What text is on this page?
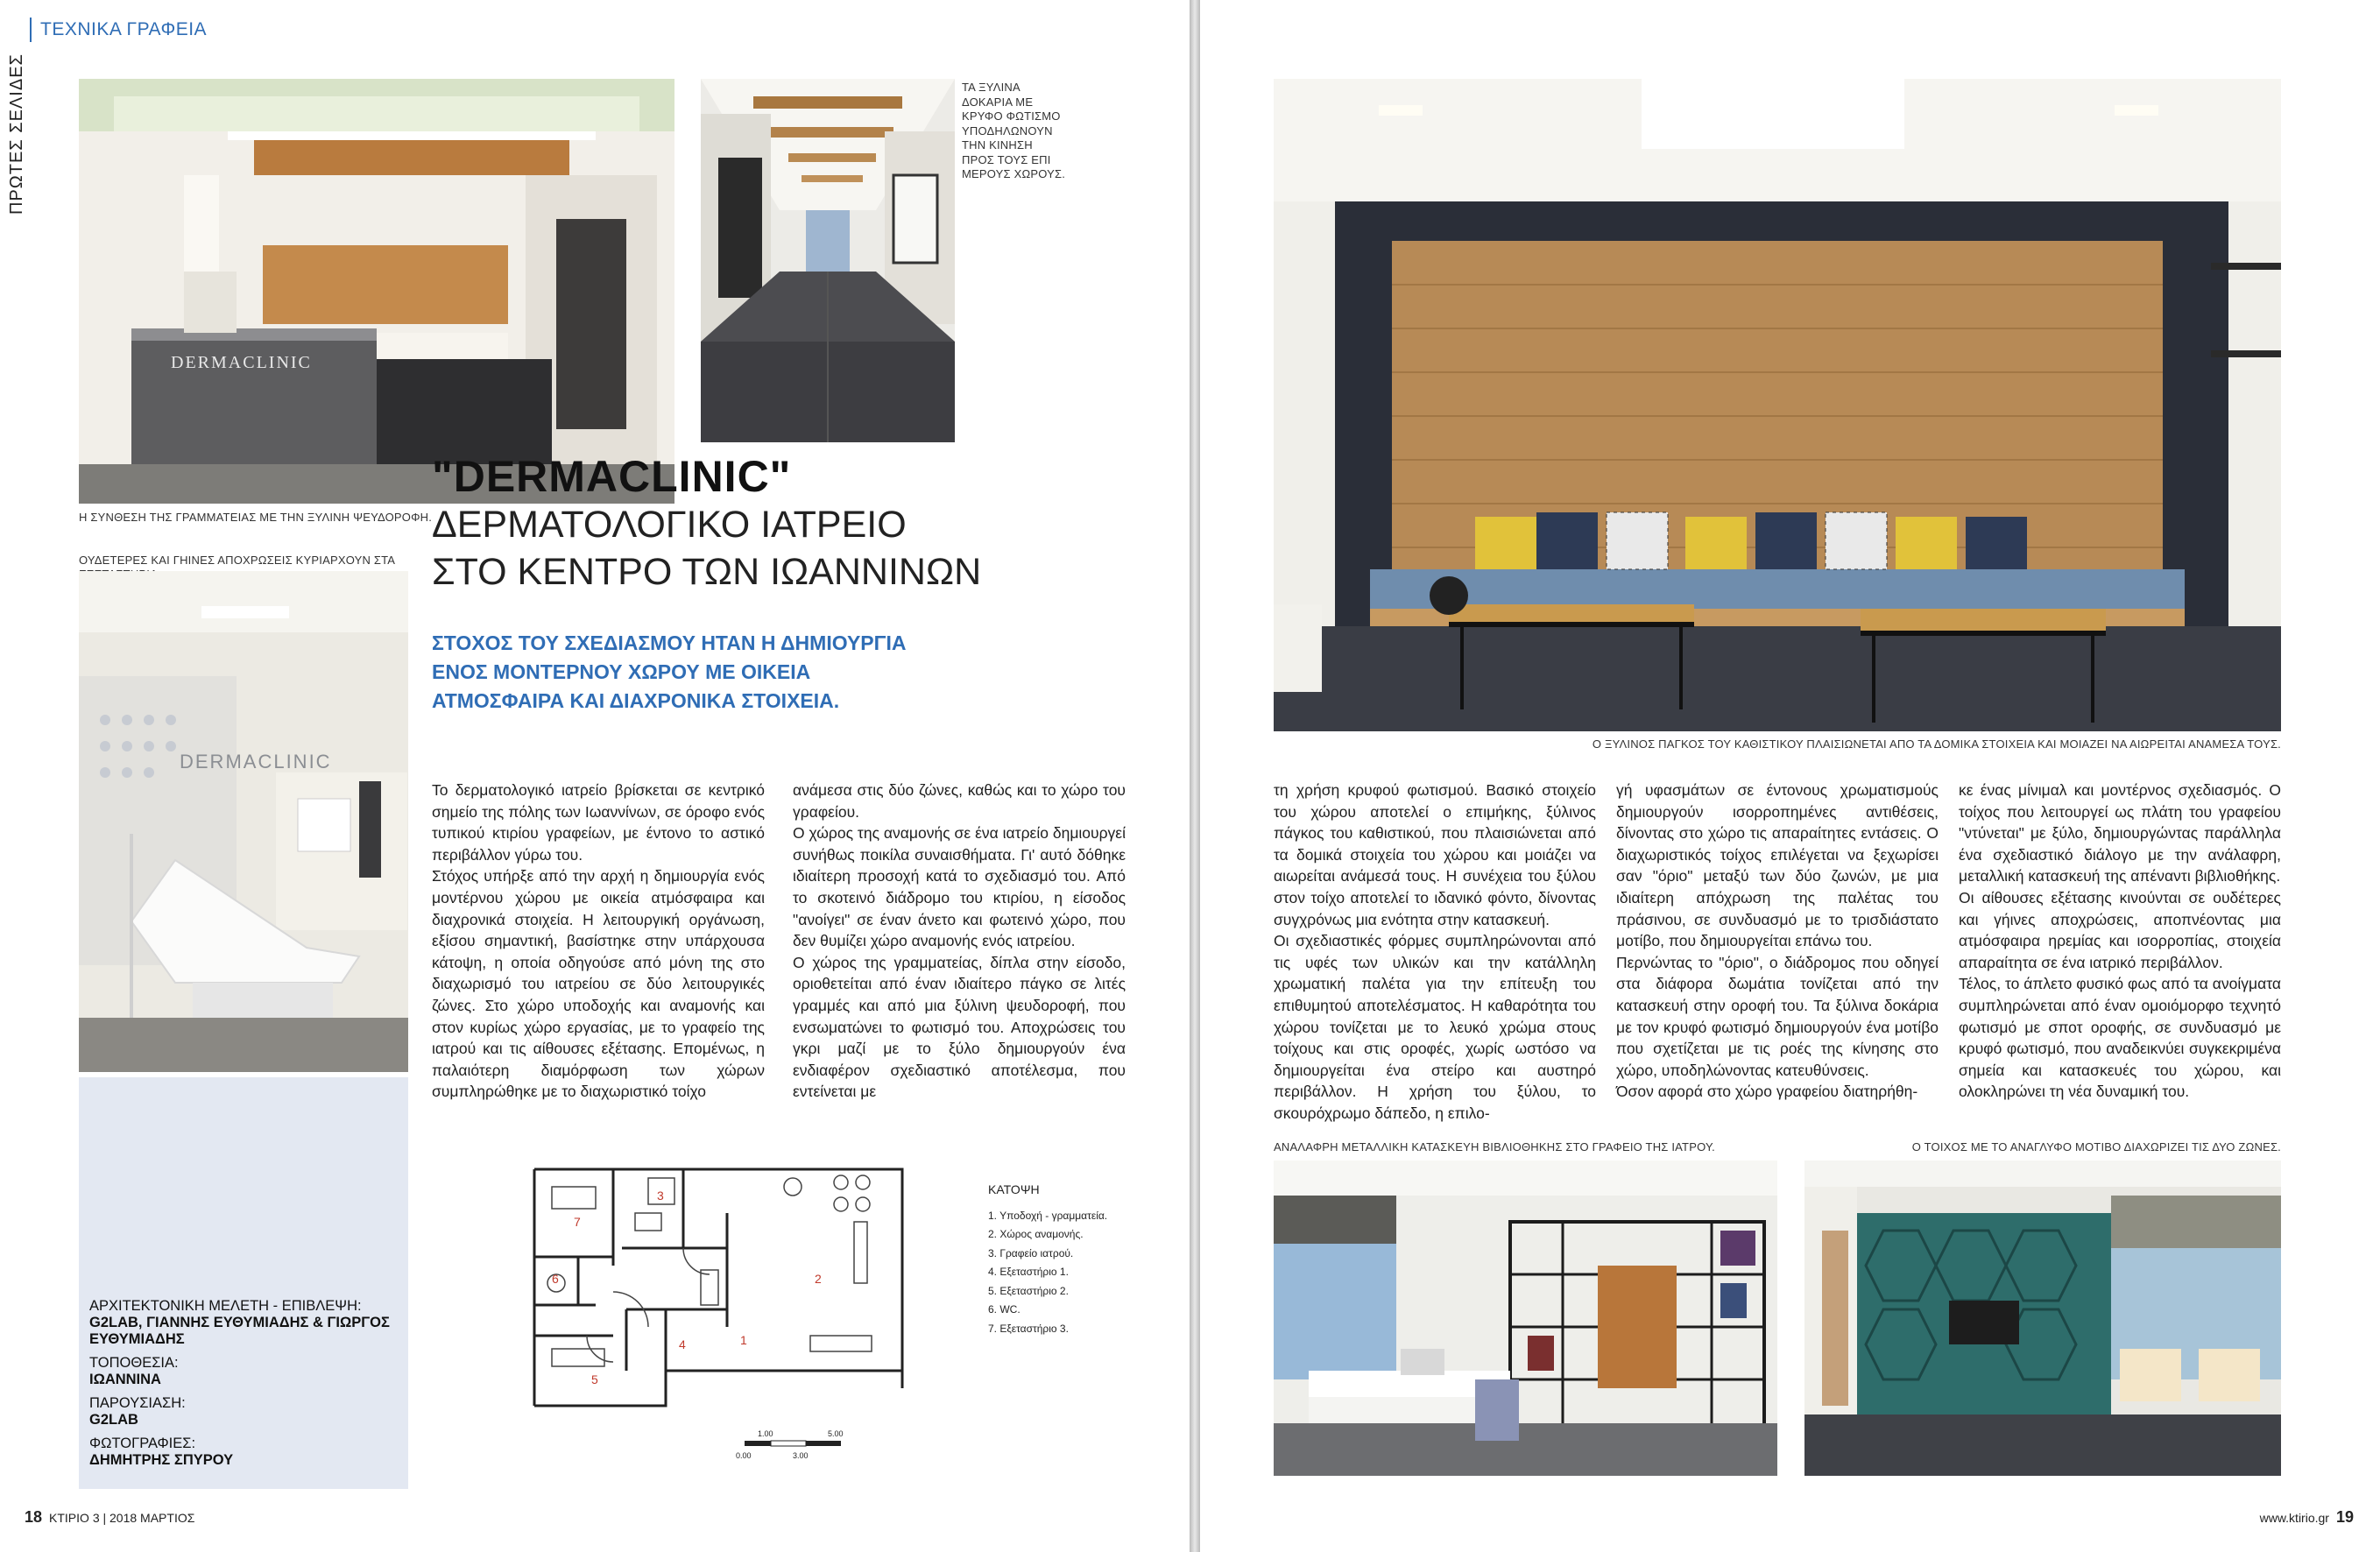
ΤΕΧΝΙΚΑ ΓΡΑΦΕΙΑ
ΠΡΩΤΕΣ ΣΕΛΙΔΕΣ
DERMACLINIC
Η ΣΥΝΘΕΣΗ ΤΗΣ ΓΡΑΜΜΑΤΕΙΑΣ ΜΕ ΤΗΝ ΞΥΛΙΝΗ ΨΕΥΔΟΡΟΦΗ.
ΤΑ ΞΥΛΙΝΑ ΔΟΚΑΡΙΑ ΜΕ ΚΡΥΦΟ ΦΩΤΙΣΜΟ ΥΠΟΔΗΛΩΝΟΥΝ ΤΗΝ ΚΙΝΗΣΗ ΠΡΟΣ ΤΟΥΣ ΕΠΙ ΜΕΡΟΥΣ ΧΩΡΟΥΣ.
ΟΥΔΕΤΕΡΕΣ ΚΑΙ ΓΗΙΝΕΣ ΑΠΟΧΡΩΣΕΙΣ ΚΥΡΙΑΡΧΟΥΝ ΣΤΑ
DERMACLINIC
"DERMACLINIC"
ΔΕΡΜΑΤΟΛΟΓΙΚΟ ΙΑΤΡΕΙΟ
ΣΤΟ ΚΕΝΤΡΟ ΤΩΝ ΙΩΑΝΝΙΝΩΝ
ΣΤΟΧΟΣ ΤΟΥ ΣΧΕΔΙΑΣΜΟΥ ΗΤΑΝ Η ΔΗΜΙΟΥΡΓΙΑ ΕΝΟΣ ΜΟΝΤΕΡΝΟΥ ΧΩΡΟΥ ΜΕ ΟΙΚΕΙΑ ΑΤΜΟΣΦΑΙΡΑ ΚΑΙ ΔΙΑΧΡΟΝΙΚΑ ΣΤΟΙΧΕΙΑ.

Το δερματολογικό ιατρείο βρίσκεται σε κεντρικό σημείο της πόλης των Ιωαννίνων, σε όροφο ενός τυπικού κτιρίου γραφείων, με έντονο το αστικό περιβάλλον γύρω του.

Στόχος υπήρξε από την αρχή η δημιουργία ενός μοντέρνου χώρου με οικεία ατμόσφαιρα και διαχρονικά στοιχεία. Η λειτουργική οργάνωση, εξίσου σημαντική, βασίστηκε στην υπάρχουσα κάτοψη, η οποία οδηγούσε από μόνη της στο διαχωρισμό του ιατρείου σε δύο λειτουργικές ζώνες. Στο χώρο υποδοχής και αναμονής και στον κυρίως χώρο εργασίας, με το γραφείο της ιατρού και τις αίθουσες εξέτασης. Επομένως, η παλαιότερη διαμόρφωση των χώρων συμπληρώθηκε με το διαχωριστικό τοίχο

ανάμεσα στις δύο ζώνες, καθώς και το χώρο του γραφείου.

Ο χώρος της αναμονής σε ένα ιατρείο δημιουργεί συνήθως ποικίλα συναισθήματα. Γι' αυτό δόθηκε ιδιαίτερη προσοχή κατά το σχεδιασμό του. Από το σκοτεινό διάδρομο του κτιρίου, η είσοδος "ανοίγει" σε έναν άνετο και φωτεινό χώρο, που δεν θυμίζει χώρο αναμονής ενός ιατρείου.

Ο χώρος της γραμματείας, δίπλα στην είσοδο, οριοθετείται από έναν ιδιαίτερο πάγκο σε λιτές γραμμές και από μια ξύλινη ψευδοροφή, που ενσωματώνει το φωτισμό του. Αποχρώσεις του γκρι μαζί με το ξύλο δημιουργούν ένα ενδιαφέρον σχεδιαστικό αποτέλεσμα, που εντείνεται με

ΑΡΧΙΤΕΚΤΟΝΙΚΗ ΜΕΛΕΤΗ - ΕΠΙΒΛΕΨΗ:
G2LAB, ΓΙΑΝΝΗΣ ΕΥΘΥΜΙΑΔΗΣ & ΓΙΩΡΓΟΣ ΕΥΘΥΜΙΑΔΗΣ
ΤΟΠΟΘΕΣΙΑ:
ΙΩΑΝΝΙΝΑ
ΠΑΡΟΥΣΙΑΣΗ:
G2LAB
ΦΩΤΟΓΡΑΦΙΕΣ:
ΔΗΜΗΤΡΗΣ ΣΠΥΡΟΥ
1
2
3
4
5
6
7
0.00
1.00
3.00
5.00
ΚΑΤΟΨΗ
1. Υποδοχή - γραμματεία.
2. Χώρος αναμονής.
3. Γραφείο ιατρού.
4. Εξεταστήριο 1.
5. Εξεταστήριο 2.
6. WC.
7. Εξεταστήριο 3.
18 ΚΤΙΡΙΟ 3 | 2018 ΜΑΡΤΙΟΣ
Ο ΞΥΛΙΝΟΣ ΠΑΓΚΟΣ ΤΟΥ ΚΑΘΙΣΤΙΚΟΥ ΠΛΑΙΣΙΩΝΕΤΑΙ ΑΠΟ ΤΑ ΔΟΜΙΚΑ ΣΤΟΙΧΕΙΑ ΚΑΙ ΜΟΙΑΖΕΙ ΝΑ ΑΙΩΡΕΙΤΑΙ ΑΝΑΜΕΣΑ ΤΟΥΣ.

τη χρήση κρυφού φωτισμού. Βασικό στοιχείο του χώρου αποτελεί ο επιμήκης, ξύλινος πάγκος του καθιστικού, που πλαισιώνεται από τα δομικά στοιχεία του χώρου και μοιάζει να αιωρείται ανάμεσά τους. Η συνέχεια του ξύλου στον τοίχο αποτελεί το ιδανικό φόντο, δίνοντας συγχρόνως μια ενότητα στην κατασκευή.

Οι σχεδιαστικές φόρμες συμπληρώνονται από τις υφές των υλικών και την κατάλληλη χρωματική παλέτα για την επίτευξη του επιθυμητού αποτελέσματος. Η καθαρότητα του χώρου τονίζεται με το λευκό χρώμα στους τοίχους και στις οροφές, χωρίς ωστόσο να δημιουργείται ένα στείρο και αυστηρό περιβάλλον. Η χρήση του ξύλου, το σκουρόχρωμο δάπεδο, η επιλο-

γή υφασμάτων σε έντονους χρωματισμούς δημιουργούν ισορροπημένες αντιθέσεις, δίνοντας στο χώρο τις απαραίτητες εντάσεις. Ο διαχωριστικός τοίχος επιλέγεται να ξεχωρίσει σαν "όριο" μεταξύ των δύο ζωνών, με μια ιδιαίτερη απόχρωση της παλέτας του πράσινου, σε συνδυασμό με το τρισδιάστατο μοτίβο, που δημιουργείται επάνω του.

Περνώντας το "όριο", ο διάδρομος που οδηγεί στα διάφορα δωμάτια τονίζεται από την κατασκευή στην οροφή του. Τα ξύλινα δοκάρια με τον κρυφό φωτισμό δημιουργούν ένα μοτίβο που σχετίζεται με τις ροές της κίνησης στο χώρο, υποδηλώνοντας κατευθύνσεις.

Όσον αφορά στο χώρο γραφείου διατηρήθη-

κε ένας μίνιμαλ και μοντέρνος σχεδιασμός. Ο τοίχος που λειτουργεί ως πλάτη του γραφείου "ντύνεται" με ξύλο, δημιουργώντας παράλληλα ένα σχεδιαστικό διάλογο με την ανάλαφρη, μεταλλική κατασκευή της απέναντι βιβλιοθήκης.

Οι αίθουσες εξέτασης κινούνται σε ουδέτερες και γήινες αποχρώσεις, αποπνέοντας μια ατμόσφαιρα ηρεμίας και ισορροπίας, στοιχεία απαραίτητα σε ένα ιατρικό περιβάλλον.

Τέλος, το άπλετο φυσικό φως από τα ανοίγματα συμπληρώνεται από έναν ομοιόμορφο τεχνητό φωτισμό με σποτ οροφής, σε συνδυασμό με κρυφό φωτισμό, που αναδεικνύει συγκεκριμένα σημεία και κατασκευές του χώρου, και ολοκληρώνει τη νέα δυναμική του.

ΑΝΑΛΑΦΡΗ ΜΕΤΑΛΛΙΚΗ ΚΑΤΑΣΚΕΥΗ ΒΙΒΛΙΟΘΗΚΗΣ ΣΤΟ ΓΡΑΦΕΙΟ ΤΗΣ ΙΑΤΡΟΥ.	Ο ΤΟΙΧΟΣ ΜΕ ΤΟ ΑΝΑΓΛΥΦΟ ΜΟΤΙΒΟ ΔΙΑΧΩΡΙΖΕΙ ΤΙΣ ΔΥΟ ΖΩΝΕΣ.
www.ktirio.gr 19
